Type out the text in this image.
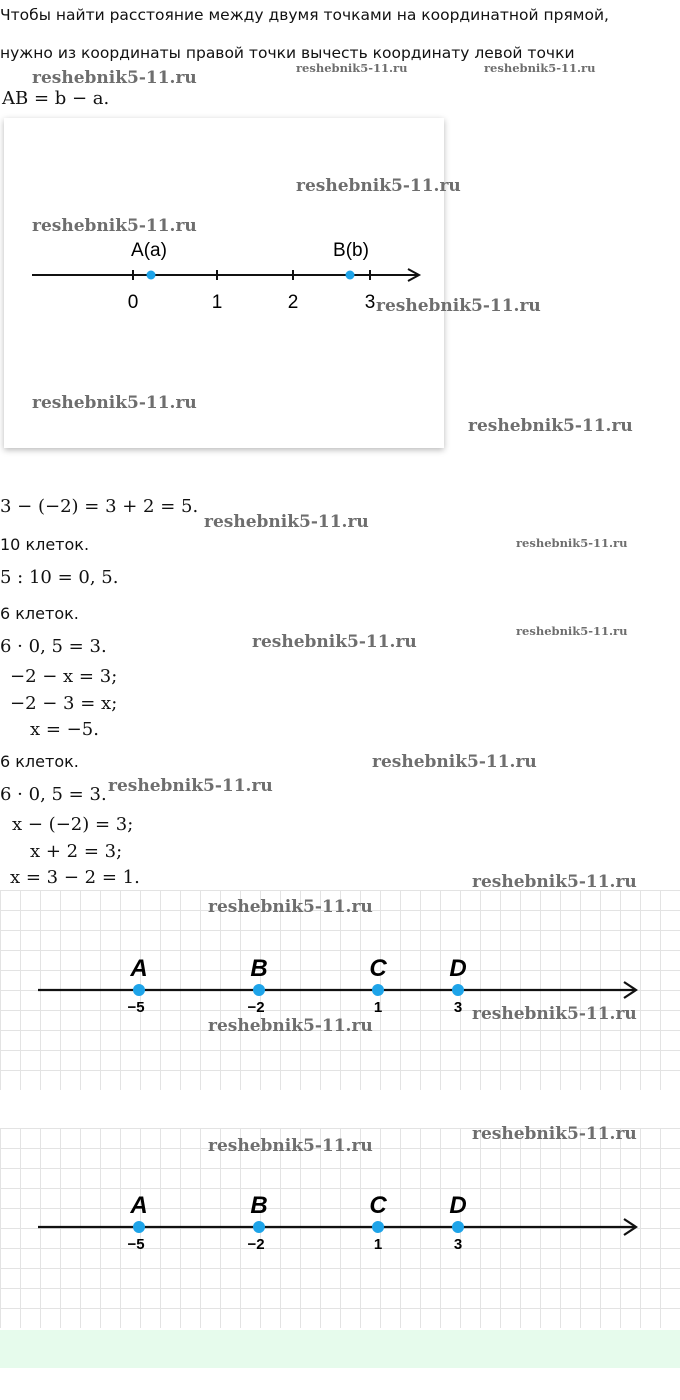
Чтобы найти расстояние между двумя точками на координатной прямой,
нужно из координаты правой точки вычесть координату левой точки
AB = b − a.
A(a)	B(b)
0	1	2	3
3 − (−2) = 3 + 2 = 5.
10 клеток.
5 : 10 = 0, 5.
6 клеток.
6 · 0, 5 = 3.
−2 − x = 3;
−2 − 3 = x;
x = −5.
6 клеток.
6 · 0, 5 = 3.
x − (−2) = 3;
x + 2 = 3;
x = 3 − 2 = 1.
A	B	C	D
−5	−2	1	3
A	B	C	D
−5	−2	1	3
reshebnik5-11.ru	reshebnik5-11.ru	reshebnik5-11.ru
reshebnik5-11.ru
reshebnik5-11.ru
reshebnik5-11.ru
reshebnik5-11.ru
reshebnik5-11.ru
reshebnik5-11.ru
reshebnik5-11.ru
reshebnik5-11.ru
reshebnik5-11.ru
reshebnik5-11.ru
reshebnik5-11.ru
reshebnik5-11.ru
reshebnik5-11.ru
reshebnik5-11.ru
reshebnik5-11.ru
reshebnik5-11.ru
reshebnik5-11.ru
